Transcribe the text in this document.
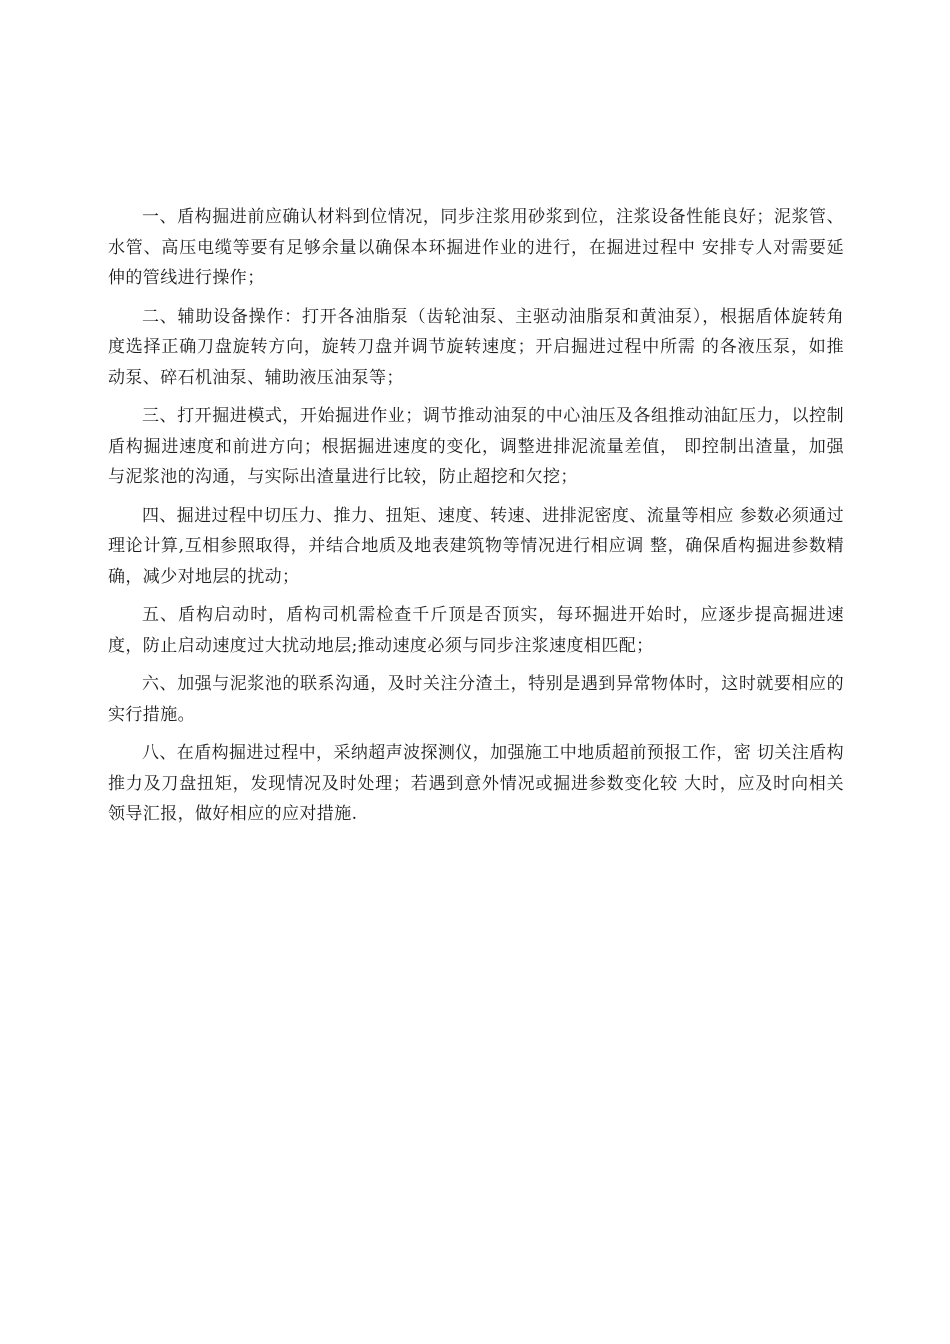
一、盾构掘进前应确认材料到位情况，同步注浆用砂浆到位，注浆设备性能良好；泥浆管、水管、高压电缆等要有足够余量以确保本环掘进作业的进行，在掘进过程中 安排专人对需要延伸的管线进行操作；

二、辅助设备操作：打开各油脂泵（齿轮油泵、主驱动油脂泵和黄油泵），根据盾体旋转角度选择正确刀盘旋转方向，旋转刀盘并调节旋转速度；开启掘进过程中所需 的各液压泵，如推动泵、碎石机油泵、辅助液压油泵等；

三、打开掘进模式，开始掘进作业；调节推动油泵的中心油压及各组推动油缸压力，以控制盾构掘进速度和前进方向；根据掘进速度的变化，调整进排泥流量差值， 即控制出渣量，加强与泥浆池的沟通，与实际出渣量进行比较，防止超挖和欠挖；

四、掘进过程中切压力、推力、扭矩、速度、转速、进排泥密度、流量等相应 参数必须通过理论计算,互相参照取得，并结合地质及地表建筑物等情况进行相应调 整，确保盾构掘进参数精确，减少对地层的扰动；

五、盾构启动时，盾构司机需检查千斤顶是否顶实，每环掘进开始时，应逐步提高掘进速度，防止启动速度过大扰动地层;推动速度必须与同步注浆速度相匹配；

六、加强与泥浆池的联系沟通，及时关注分渣土，特别是遇到异常物体时，这时就要相应的实行措施。

八、在盾构掘进过程中，采纳超声波探测仪，加强施工中地质超前预报工作，密 切关注盾构推力及刀盘扭矩，发现情况及时处理；若遇到意外情况或掘进参数变化较 大时，应及时向相关领导汇报，做好相应的应对措施.
